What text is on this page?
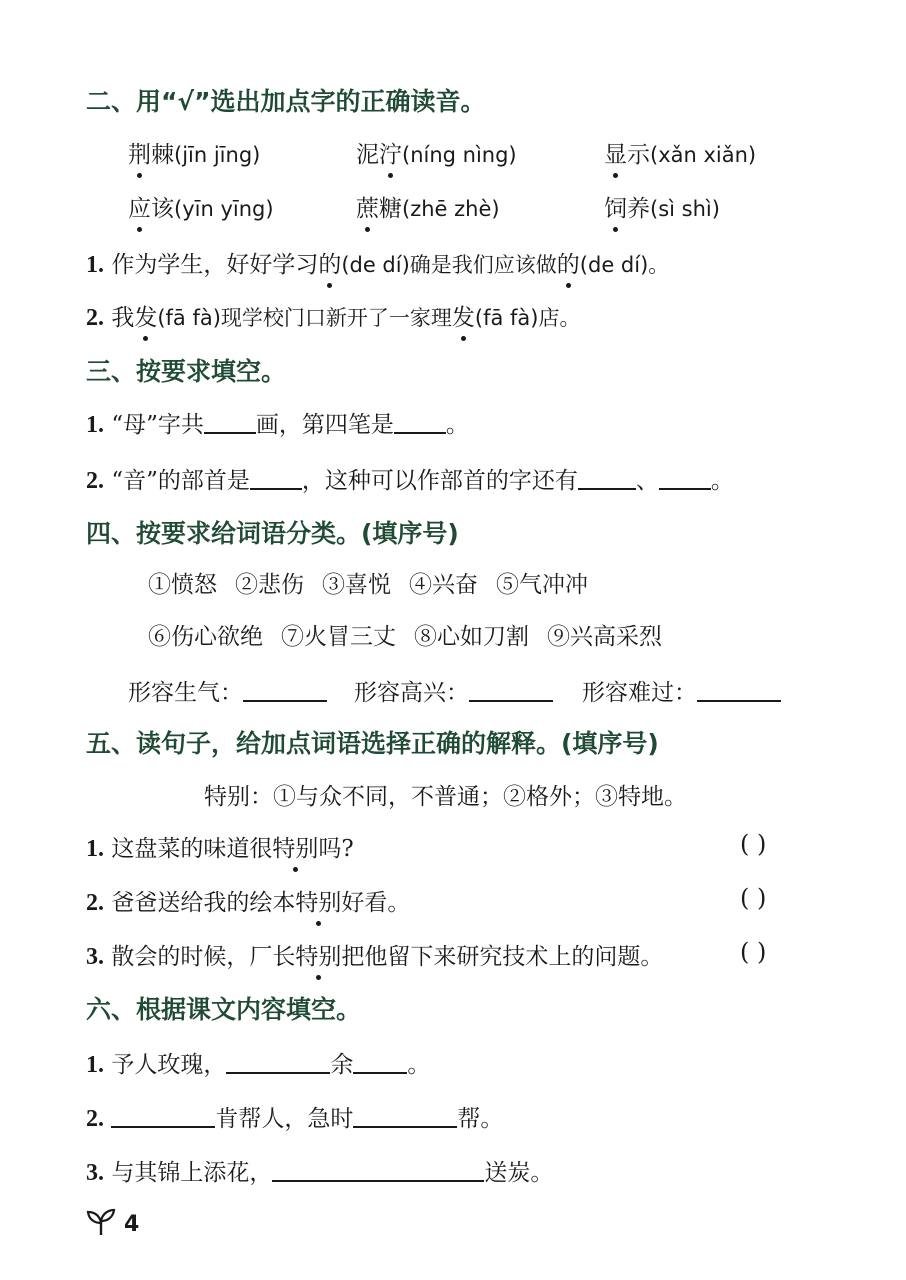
二、用“√”选出加点字的正确读音。
荆棘(jīn jīng)	泥泞(níng nìng)	显示(xǎn xiǎn)
应该(yīn yīng)	蔗糖(zhē zhè)	饲养(sì shì)
1. 作为学生，好好学习的(de dí)确是我们应该做的(de dí)。
2. 我发(fā fà)现学校门口新开了一家理发(fā fà)店。
三、按要求填空。
1. “母”字共 画，第四笔是 。
2. “音”的部首是 ，这种可以作部首的字还有	、 。
四、按要求给词语分类。(填序号)
①愤怒 ②悲伤 ③喜悦 ④兴奋 ⑤气冲冲
⑥伤心欲绝 ⑦火冒三丈 ⑧心如刀割 ⑨兴高采烈
形容生气：	形容高兴：	形容难过：
五、读句子，给加点词语选择正确的解释。(填序号)
特别：①与众不同，不普通；②格外；③特地。
1. 这盘菜的味道很特别吗?	( )
2. 爸爸送给我的绘本特别好看。	( )
3. 散会的时候，厂长特别把他留下来研究技术上的问题。	( )
六、根据课文内容填空。
1. 予人玫瑰，	余 。
2.	肯帮人，急时	帮。
3. 与其锦上添花，	送炭。
4
